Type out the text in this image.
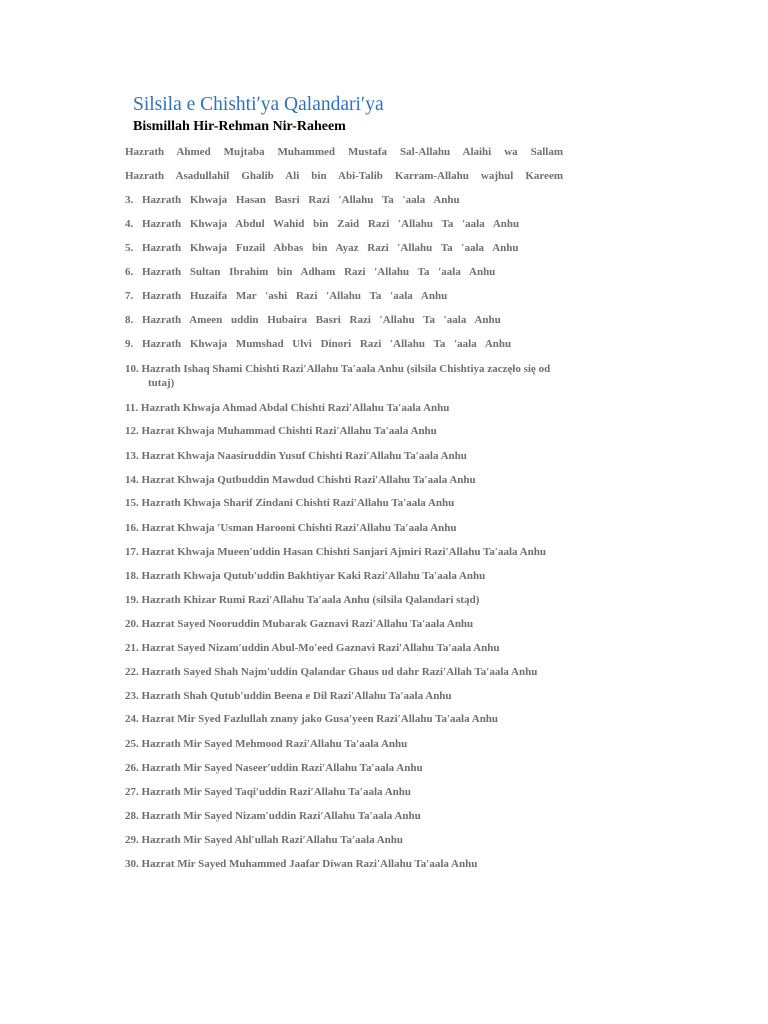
Silsila e Chishtiʹya Qalandariʹya
Bismillah Hir-Rehman Nir-Raheem
Hazrath Ahmed Mujtaba Muhammed Mustafa Sal-Allahu Alaihi wa Sallam
Hazrath Asadullahil Ghalib Ali bin Abi-Talib Karram-Allahu wajhul Kareem
3. Hazrath Khwaja Hasan Basri Razi ʹAllahu Ta ʹaala Anhu
4. Hazrath Khwaja Abdul Wahid bin Zaid Razi ʹAllahu Ta ʹaala Anhu
5. Hazrath Khwaja Fuzail Abbas bin Ayaz Razi ʹAllahu Ta ʹaala Anhu
6. Hazrath Sultan Ibrahim bin Adham Razi ʹAllahu Ta ʹaala Anhu
7. Hazrath Huzaifa Mar ʹashi Razi ʹAllahu Ta ʹaala Anhu
8. Hazrath Ameen uddin Hubaira Basri Razi ʹAllahu Ta ʹaala Anhu
9. Hazrath Khwaja Mumshad Ulvi Dinori Razi ʹAllahu Ta ʹaala Anhu
10. Hazrath Ishaq Shami Chishti RaziʹAllahu Taʹaala Anhu (silsila Chishtiya zaczęło się od tutaj)
11. Hazrath Khwaja Ahmad Abdal Chishti RaziʹAllahu Taʹaala Anhu
12. Hazrat Khwaja Muhammad Chishti RaziʹAllahu Taʹaala Anhu
13. Hazrat Khwaja Naasiruddin Yusuf Chishti RaziʹAllahu Taʹaala Anhu
14. Hazrat Khwaja Qutbuddin Mawdud Chishti RaziʹAllahu Taʹaala Anhu
15. Hazrath Khwaja Sharif Zindani Chishti RaziʹAllahu Taʹaala Anhu
16. Hazrat Khwaja ʹUsman Harooni Chishti RaziʹAllahu Taʹaala Anhu
17. Hazrat Khwaja Mueenʹuddin Hasan Chishti Sanjari Ajmiri RaziʹAllahu Taʹaala Anhu
18. Hazrath Khwaja Qutubʹuddin Bakhtiyar Kaki RaziʹAllahu Taʹaala Anhu
19. Hazrath Khizar Rumi RaziʹAllahu Taʹaala Anhu (silsila Qalandari stąd)
20. Hazrat Sayed Nooruddin Mubarak Gaznavi RaziʹAllahu Taʹaala Anhu
21. Hazrat Sayed Nizamʹuddin Abul-Moʹeed Gaznavi RaziʹAllahu Taʹaala Anhu
22. Hazrath Sayed Shah Najmʹuddin Qalandar Ghaus ud dahr RaziʹAllah Taʹaala Anhu
23. Hazrath Shah Qutubʹuddin Beena e Dil RaziʹAllahu Taʹaala Anhu
24. Hazrat Mir Syed Fazlullah znany jako Gusaʹyeen RaziʹAllahu Taʹaala Anhu
25. Hazrath Mir Sayed Mehmood RaziʹAllahu Taʹaala Anhu
26. Hazrath Mir Sayed Naseerʹuddin RaziʹAllahu Taʹaala Anhu
27. Hazrath Mir Sayed Taqiʹuddin RaziʹAllahu Taʹaala Anhu
28. Hazrath Mir Sayed Nizamʹuddin RaziʹAllahu Taʹaala Anhu
29. Hazrath Mir Sayed Ahlʹullah RaziʹAllahu Taʹaala Anhu
30. Hazrat Mir Sayed Muhammed Jaafar Diwan RaziʹAllahu Taʹaala Anhu
